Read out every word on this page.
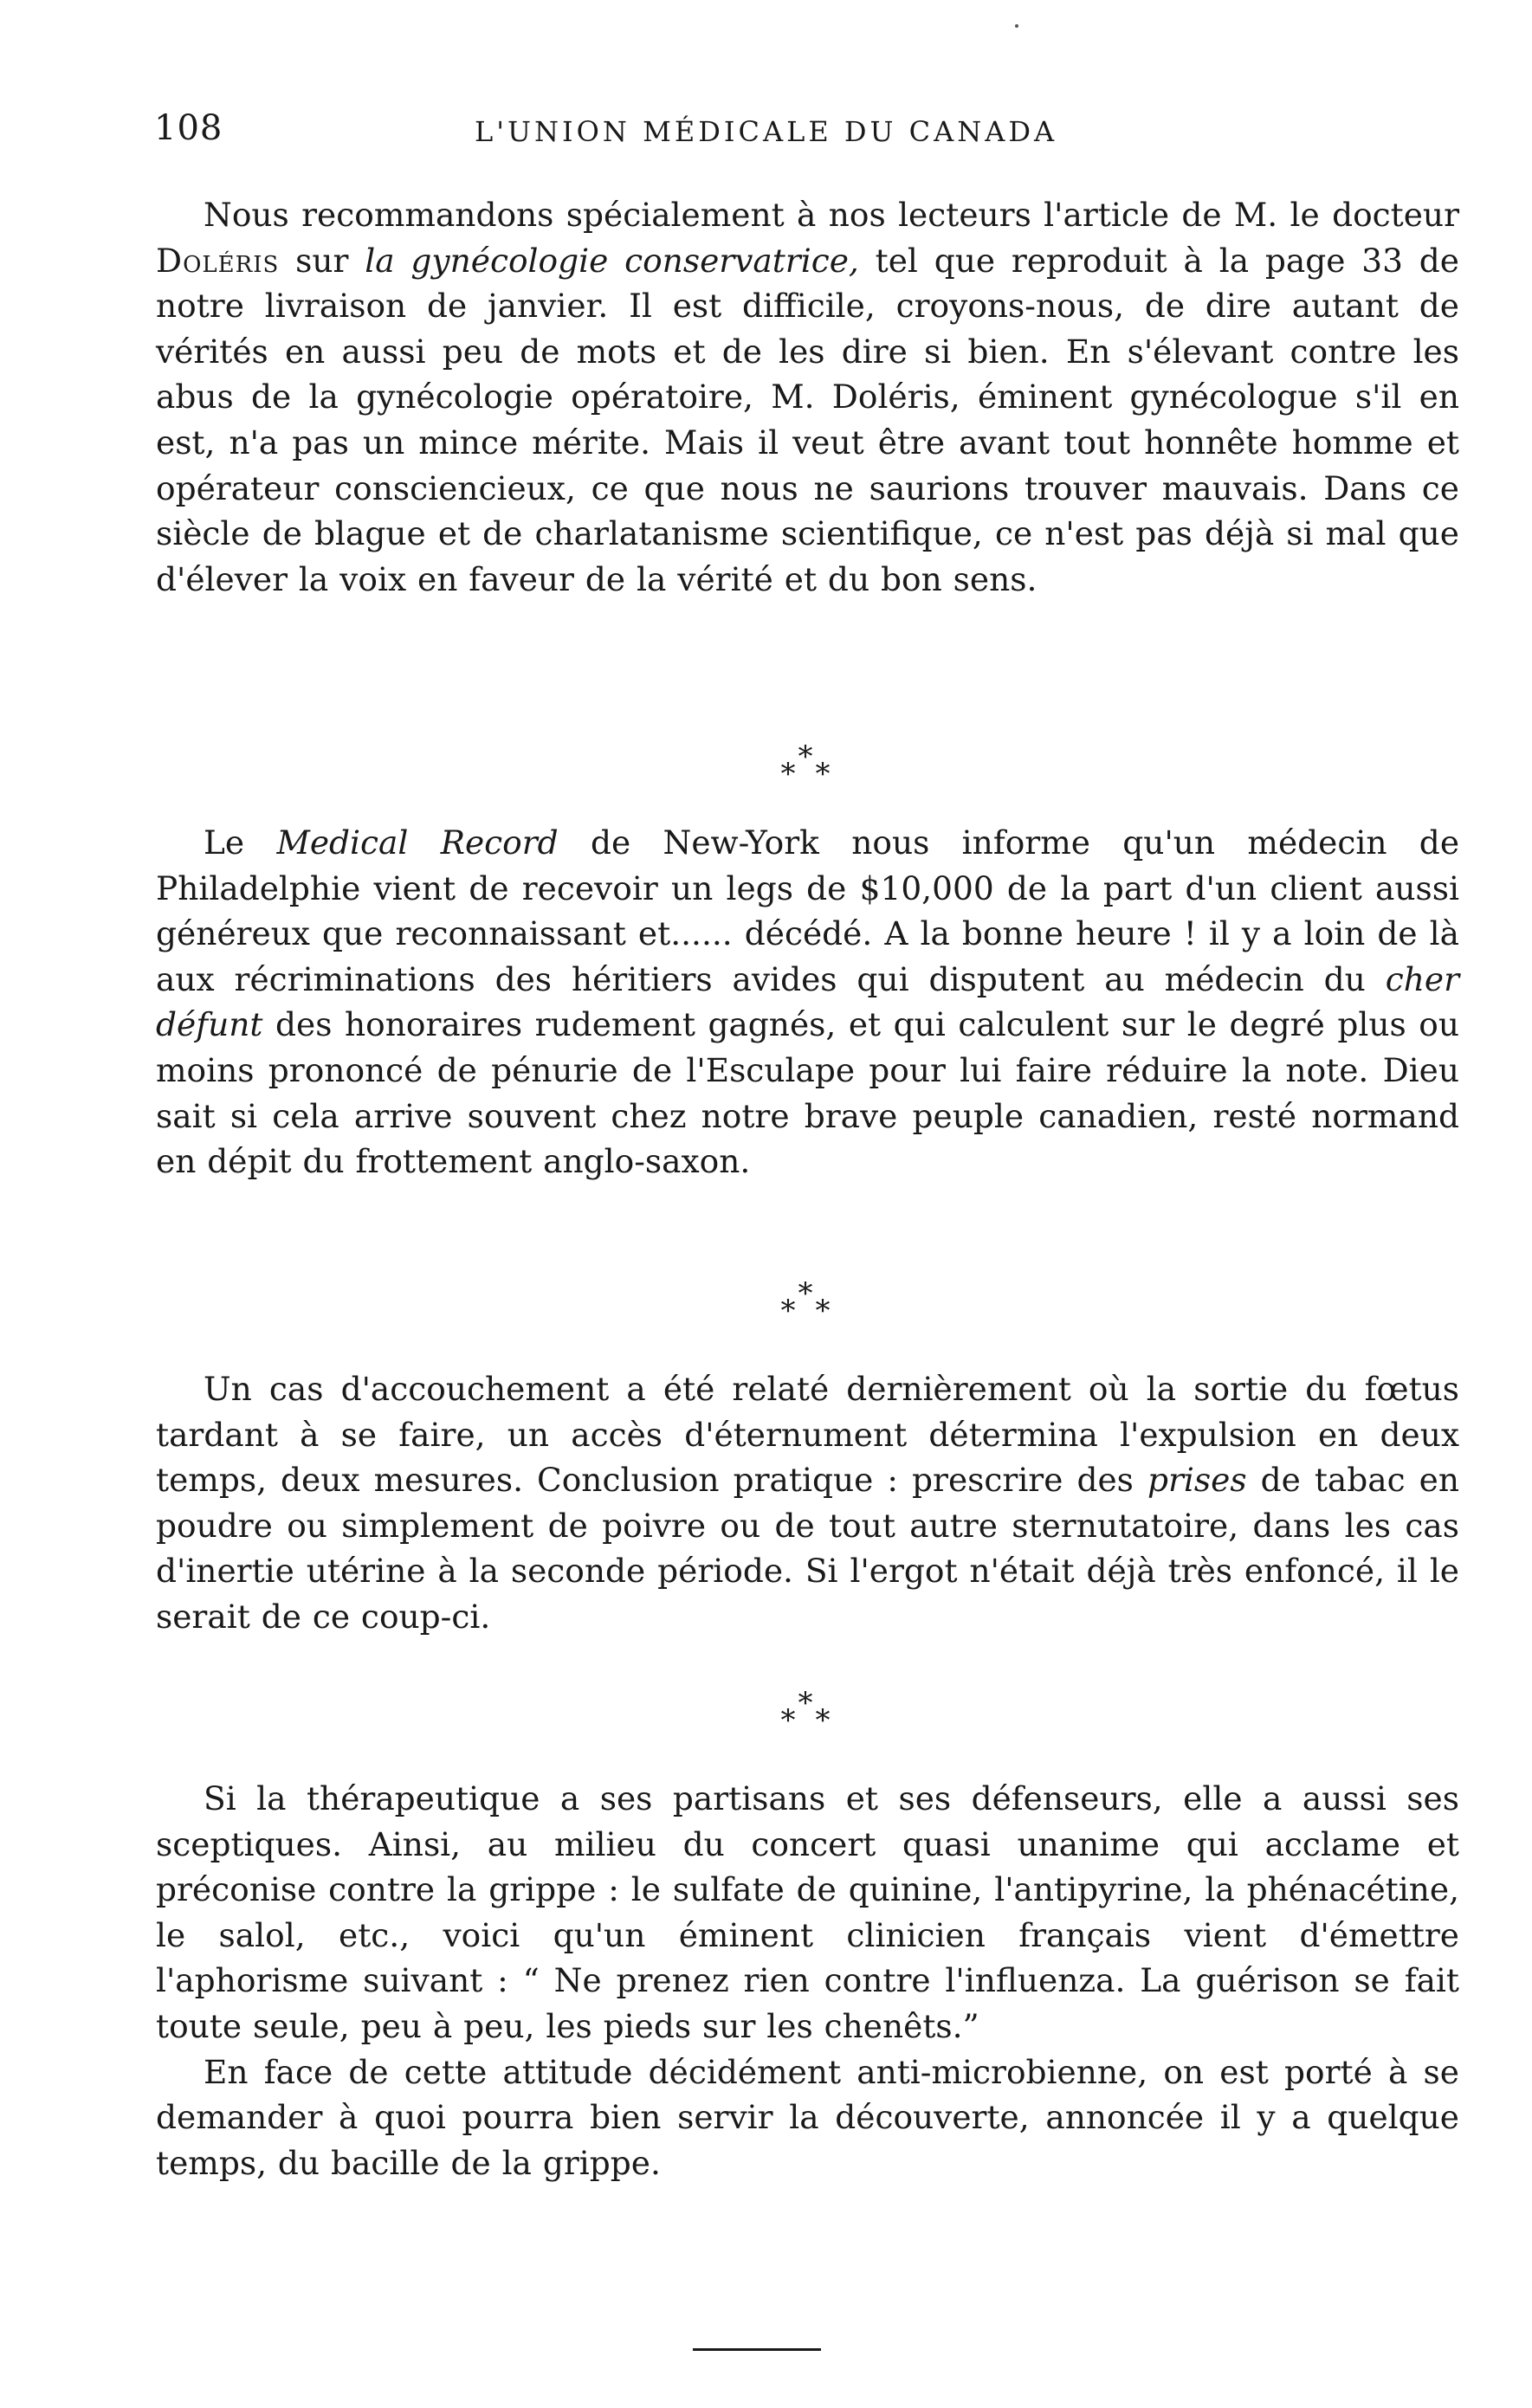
108	L'UNION MÉDICALE DU CANADA

Nous recommandons spécialement à nos lecteurs l'article de M. le docteur Doléris sur la gynécologie conservatrice, tel que reproduit à la page 33 de notre livraison de janvier. Il est difficile, croyons-nous, de dire autant de vérités en aussi peu de mots et de les dire si bien. En s'élevant contre les abus de la gynécologie opératoire, M. Doléris, éminent gynécologue s'il en est, n'a pas un mince mérite. Mais il veut être avant tout honnête homme et opérateur consciencieux, ce que nous ne saurions trouver mauvais. Dans ce siècle de blague et de charlatanisme scientifique, ce n'est pas déjà si mal que d'élever la voix en faveur de la vérité et du bon sens.

*
* *

Le Medical Record de New-York nous informe qu'un médecin de Philadelphie vient de recevoir un legs de $10,000 de la part d'un client aussi généreux que reconnaissant et...... décédé. A la bonne heure ! il y a loin de là aux récriminations des héritiers avides qui disputent au médecin du cher défunt des honoraires rudement gagnés, et qui calculent sur le degré plus ou moins prononcé de pénurie de l'Esculape pour lui faire réduire la note. Dieu sait si cela arrive souvent chez notre brave peuple canadien, resté normand en dépit du frottement anglo-saxon.

*
* *

Un cas d'accouchement a été relaté dernièrement où la sortie du fœtus tardant à se faire, un accès d'éternument détermina l'expulsion en deux temps, deux mesures. Conclusion pratique : prescrire des prises de tabac en poudre ou simplement de poivre ou de tout autre sternutatoire, dans les cas d'inertie utérine à la seconde période. Si l'ergot n'était déjà très enfoncé, il le serait de ce coup-ci.

*
* *

Si la thérapeutique a ses partisans et ses défenseurs, elle a aussi ses sceptiques. Ainsi, au milieu du concert quasi unanime qui acclame et préconise contre la grippe : le sulfate de quinine, l'antipyrine, la phénacétine, le salol, etc., voici qu'un éminent clinicien français vient d'émettre l'aphorisme suivant : “ Ne prenez rien contre l'influenza. La guérison se fait toute seule, peu à peu, les pieds sur les chenêts.”

En face de cette attitude décidément anti-microbienne, on est porté à se demander à quoi pourra bien servir la découverte, annoncée il y a quelque temps, du bacille de la grippe.
